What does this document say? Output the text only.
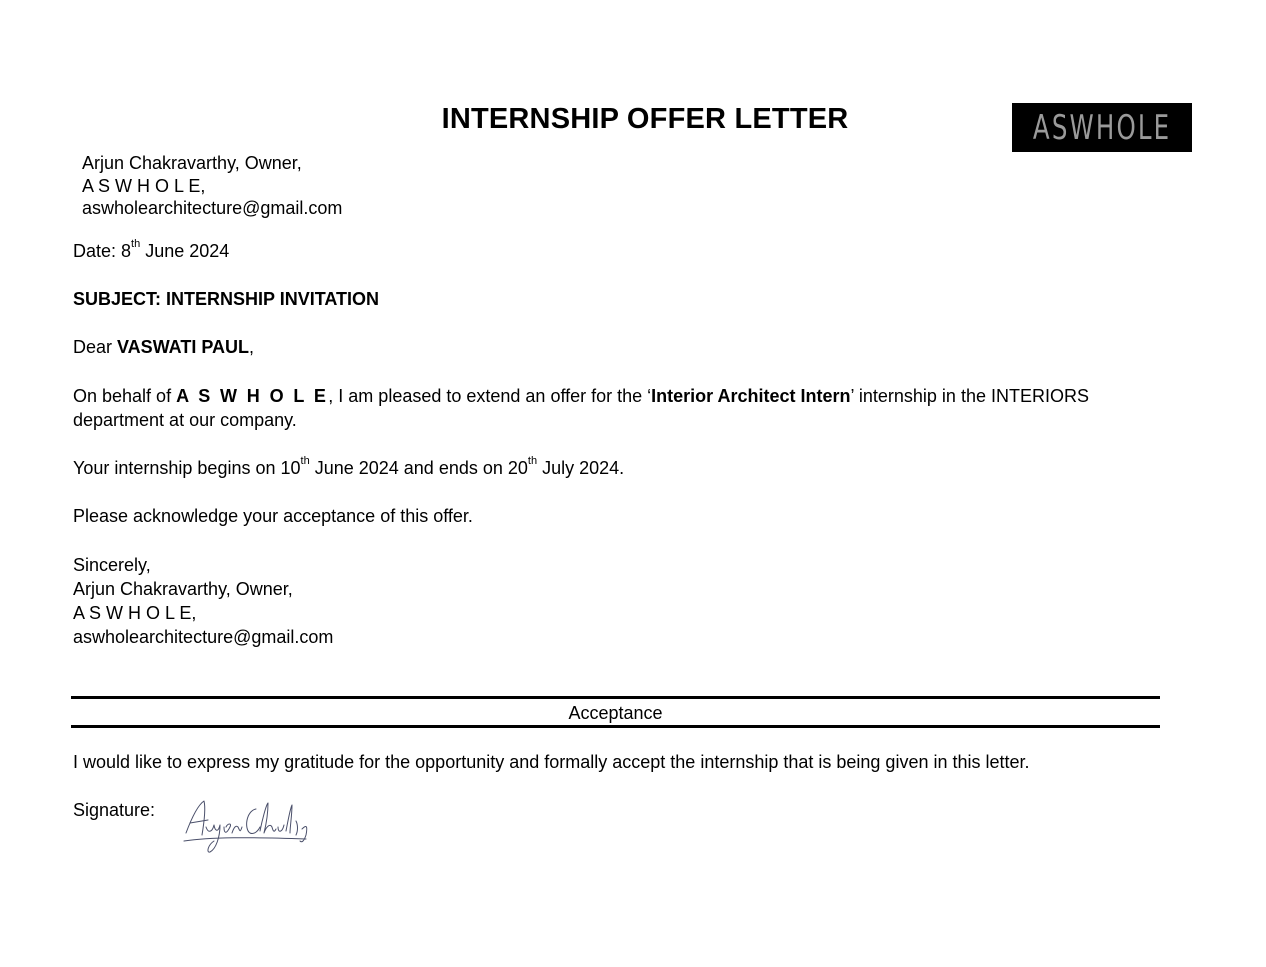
INTERNSHIP OFFER LETTER	ASWHOLE
Arjun Chakravarthy, Owner,
A S W H O L E,
aswholearchitecture@gmail.com
Date: 8th June 2024
SUBJECT: INTERNSHIP INVITATION
Dear VASWATI PAUL,
On behalf of A S W H O L E, I am pleased to extend an offer for the ‘Interior Architect Intern’ internship in the INTERIORS
department at our company.
Your internship begins on 10th June 2024 and ends on 20th July 2024.
Please acknowledge your acceptance of this offer.
Sincerely,
Arjun Chakravarthy, Owner,
A S W H O L E,
aswholearchitecture@gmail.com
Acceptance
I would like to express my gratitude for the opportunity and formally accept the internship that is being given in this letter.
Signature:
